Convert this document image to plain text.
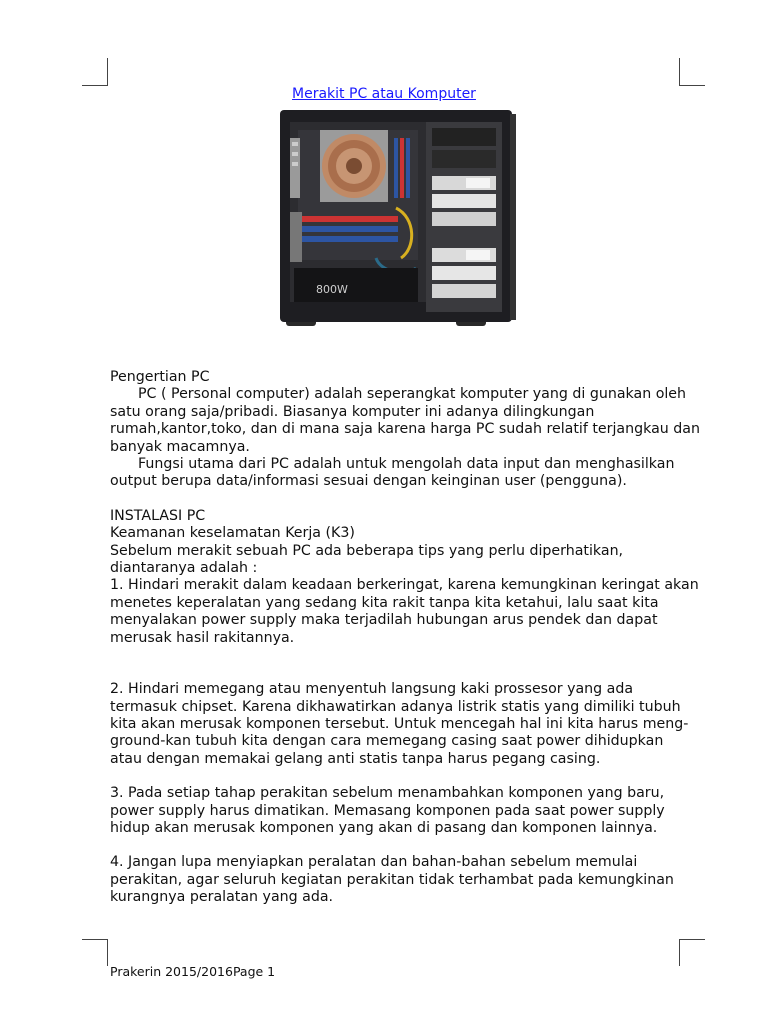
Merakit PC atau Komputer
800W

Pengertian PC

PC ( Personal computer) adalah seperangkat komputer yang di gunakan oleh

satu orang saja/pribadi. Biasanya komputer ini adanya dilingkungan

rumah,kantor,toko, dan di mana saja karena harga PC sudah relatif terjangkau dan

banyak macamnya.

Fungsi utama dari PC adalah untuk mengolah data input dan menghasilkan

output berupa data/informasi sesuai dengan keinginan user (pengguna).

INSTALASI PC

Keamanan keselamatan Kerja (K3)

Sebelum merakit sebuah PC ada beberapa tips yang perlu diperhatikan,

diantaranya adalah :

1. Hindari merakit dalam keadaan berkeringat, karena kemungkinan keringat akan

menetes keperalatan yang sedang kita rakit tanpa kita ketahui, lalu saat kita

menyalakan power supply maka terjadilah hubungan arus pendek dan dapat

merusak hasil rakitannya.

2. Hindari memegang atau menyentuh langsung kaki prossesor yang ada

termasuk chipset. Karena dikhawatirkan adanya listrik statis yang dimiliki tubuh

kita akan merusak komponen tersebut. Untuk mencegah hal ini kita harus meng-

ground-kan tubuh kita dengan cara memegang casing saat power dihidupkan

atau dengan memakai gelang anti statis tanpa harus pegang casing.

3. Pada setiap tahap perakitan sebelum menambahkan komponen yang baru,

power supply harus dimatikan. Memasang komponen pada saat power supply

hidup akan merusak komponen yang akan di pasang dan komponen lainnya.

4. Jangan lupa menyiapkan peralatan dan bahan-bahan sebelum memulai

perakitan, agar seluruh kegiatan perakitan tidak terhambat pada kemungkinan

kurangnya peralatan yang ada.

Prakerin 2015/2016Page 1
